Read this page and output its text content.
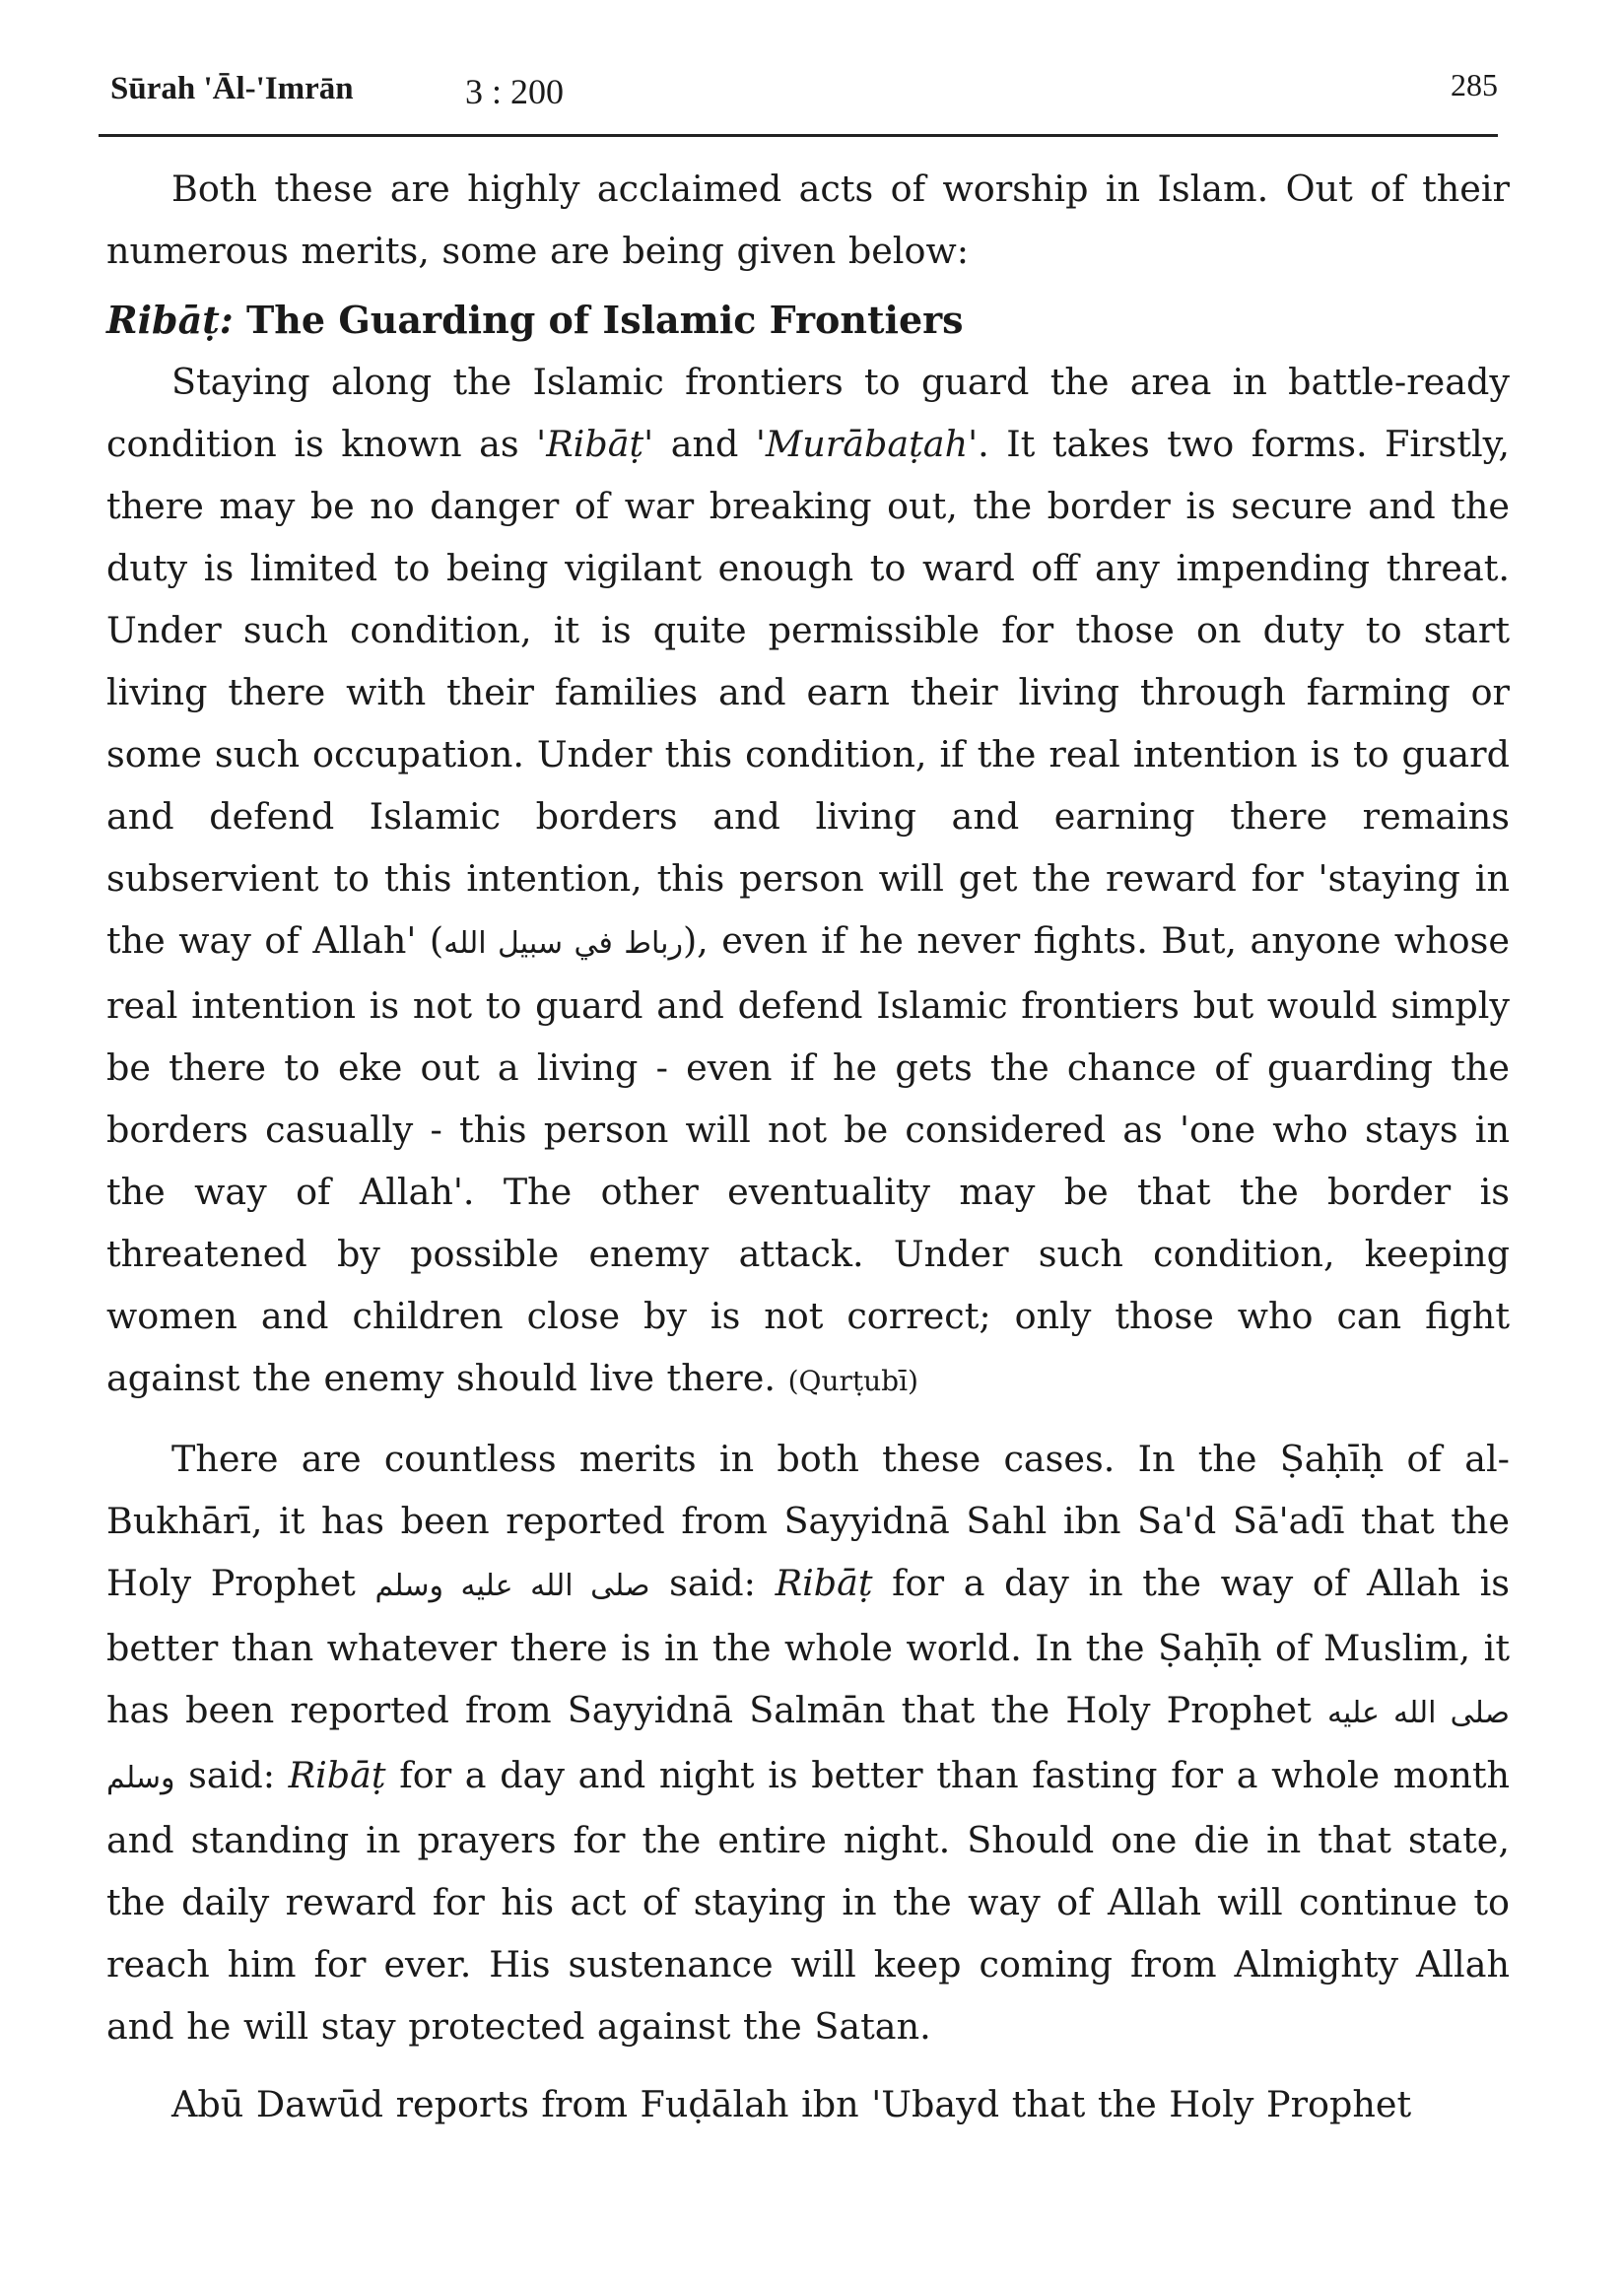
Sūrah 'Āl-'Imrān	3 : 200	285

Both these are highly acclaimed acts of worship in Islam. Out of their numerous merits, some are being given below:

Ribāṭ: The Guarding of Islamic Frontiers

Staying along the Islamic frontiers to guard the area in battle-ready condition is known as 'Ribāṭ' and 'Murābaṭah'. It takes two forms. Firstly, there may be no danger of war breaking out, the border is secure and the duty is limited to being vigilant enough to ward off any impending threat. Under such condition, it is quite permissible for those on duty to start living there with their families and earn their living through farming or some such occupation. Under this condition, if the real intention is to guard and defend Islamic borders and living and earning there remains subservient to this intention, this person will get the reward for 'staying in the way of Allah' (رباط في سبيل الله), even if he never fights. But, anyone whose real intention is not to guard and defend Islamic frontiers but would simply be there to eke out a living - even if he gets the chance of guarding the borders casually - this person will not be considered as 'one who stays in the way of Allah'. The other eventuality may be that the border is threatened by possible enemy attack. Under such condition, keeping women and children close by is not correct; only those who can fight against the enemy should live there. (Qurṭubī)

There are countless merits in both these cases. In the Ṣaḥīḥ of al-Bukhārī, it has been reported from Sayyidnā Sahl ibn Sa'd Sā'adī that the Holy Prophet صلى الله عليه وسلم said: Ribāṭ for a day in the way of Allah is better than whatever there is in the whole world. In the Ṣaḥīḥ of Muslim, it has been reported from Sayyidnā Salmān that the Holy Prophet صلى الله عليه وسلم said: Ribāṭ for a day and night is better than fasting for a whole month and standing in prayers for the entire night. Should one die in that state, the daily reward for his act of staying in the way of Allah will continue to reach him for ever. His sustenance will keep coming from Almighty Allah and he will stay protected against the Satan.

Abū Dawūd reports from Fuḍālah ibn 'Ubayd that the Holy Prophet
